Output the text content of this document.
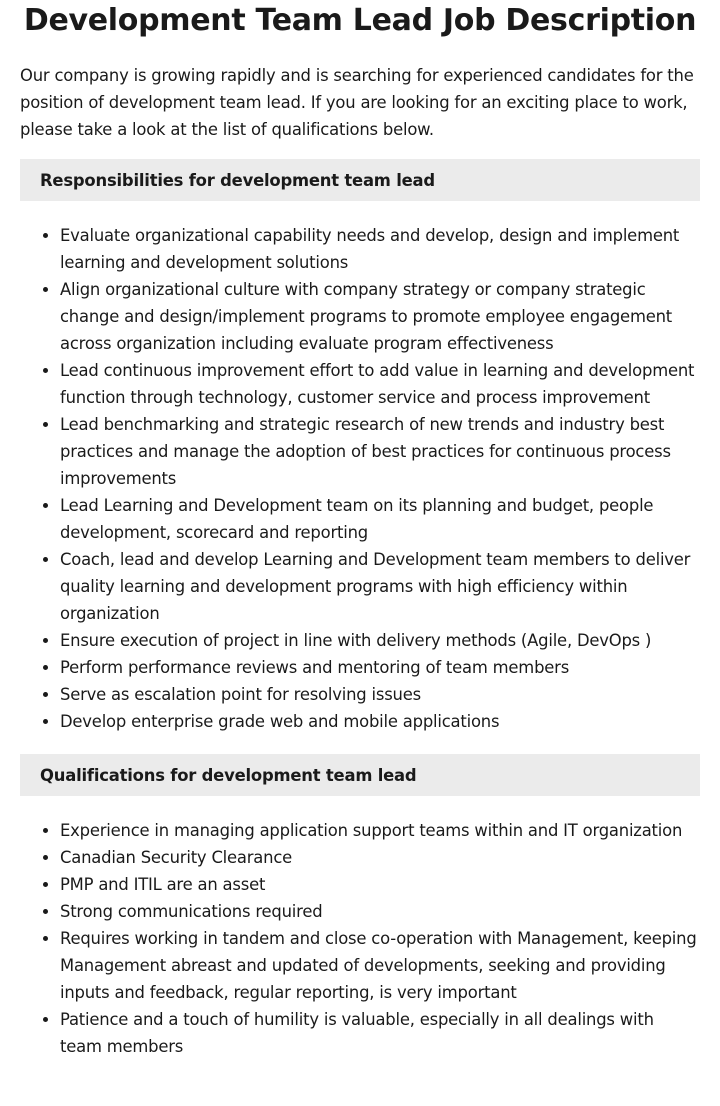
Development Team Lead Job Description

Our company is growing rapidly and is searching for experienced candidates for the position of development team lead. If you are looking for an exciting place to work, please take a look at the list of qualifications below.

Responsibilities for development team lead
• Evaluate organizational capability needs and develop, design and implement learning and development solutions
• Align organizational culture with company strategy or company strategic change and design/implement programs to promote employee engagement across organization including evaluate program effectiveness
• Lead continuous improvement effort to add value in learning and development function through technology, customer service and process improvement
• Lead benchmarking and strategic research of new trends and industry best practices and manage the adoption of best practices for continuous process improvements
• Lead Learning and Development team on its planning and budget, people development, scorecard and reporting
• Coach, lead and develop Learning and Development team members to deliver quality learning and development programs with high efficiency within organization
• Ensure execution of project in line with delivery methods (Agile, DevOps )
• Perform performance reviews and mentoring of team members
• Serve as escalation point for resolving issues
• Develop enterprise grade web and mobile applications
Qualifications for development team lead
• Experience in managing application support teams within and IT organization
• Canadian Security Clearance
• PMP and ITIL are an asset
• Strong communications required
• Requires working in tandem and close co-operation with Management, keeping Management abreast and updated of developments, seeking and providing inputs and feedback, regular reporting, is very important
• Patience and a touch of humility is valuable, especially in all dealings with team members
